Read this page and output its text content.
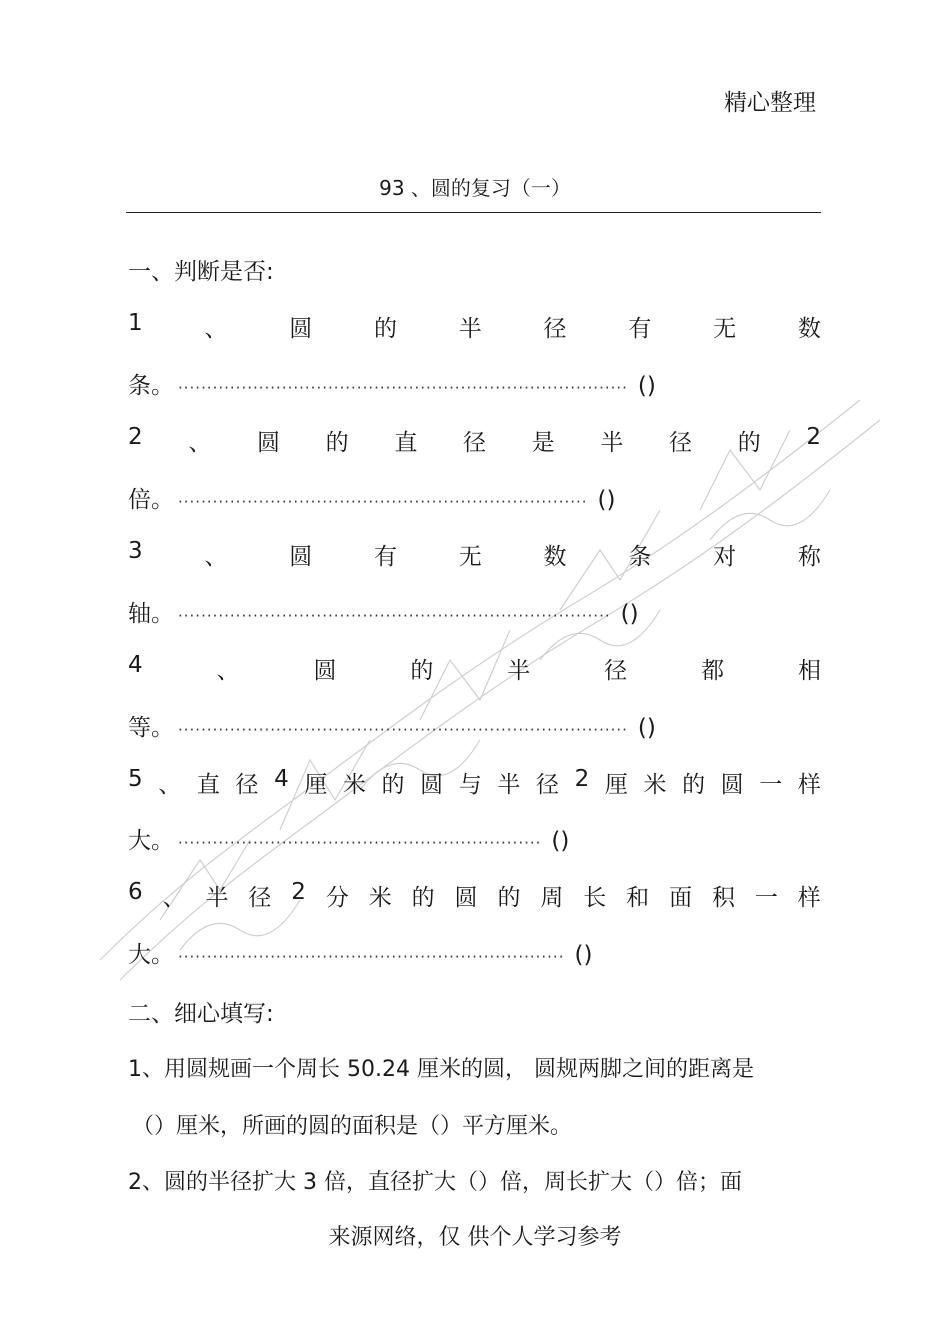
精心整理
93 、圆的复习（一）
一、判断是否:
1	、	圆	的	半	径	有	无	数
条。 ·············································································· ()
2 、 圆 的 直 径 是 半 径 的 2
倍。 ······································································· ()
3	、	圆	有	无	数	条	对	称
轴。 ··········································································· ()
4	、	圆	的	半	径	都	相
等。 ·············································································· ()
5 、 直 径 4 厘 米 的 圆 与 半 径 2 厘 米 的 圆 一 样
大。 ······························································· ()
6 、 半 径 2 分 米 的 圆 的 周 长 和 面 积 一 样
大。 ··································································· ()
二、细心填写:
1、用圆规画一个周长 50.24 厘米的圆， 圆规两脚之间的距离是
（）厘米，所画的圆的面积是（）平方厘米。
2、圆的半径扩大 3 倍，直径扩大（）倍，周长扩大（）倍；面
来源网络，仅 供个人学习参考
